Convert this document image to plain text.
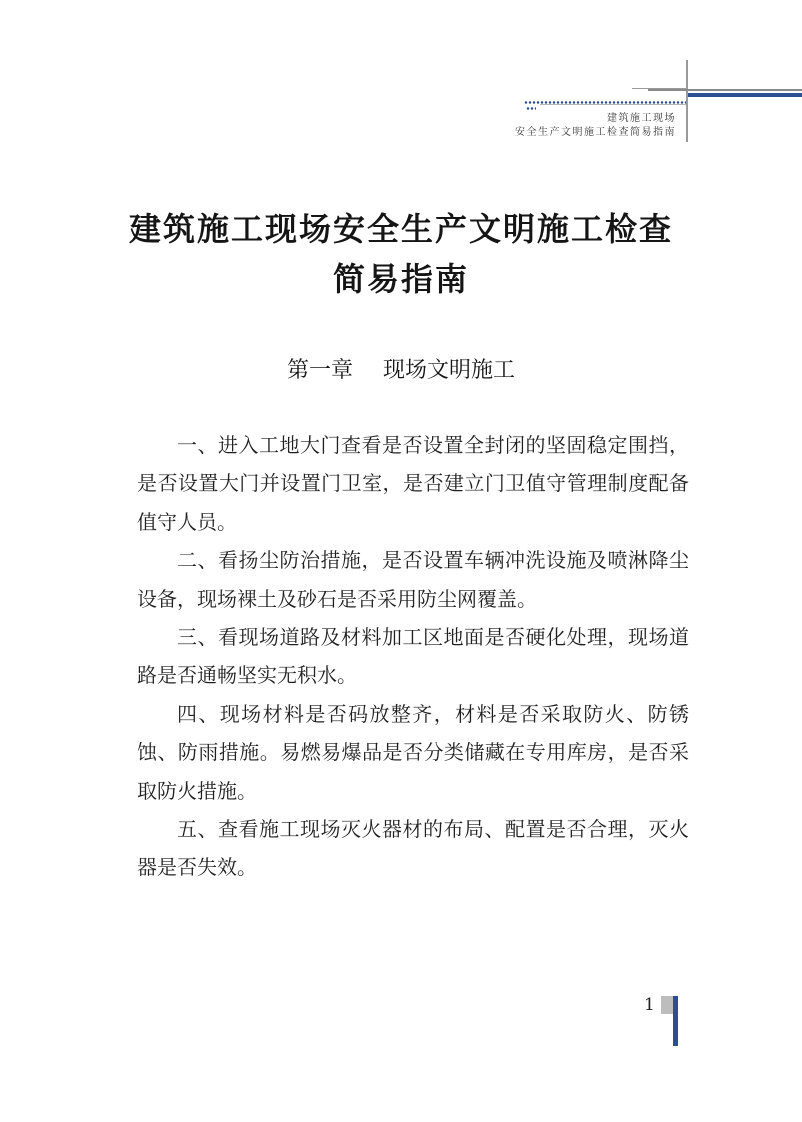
建筑施工现场
安全生产文明施工检查简易指南
建筑施工现场安全生产文明施工检查
简易指南
第一章 现场文明施工

一、进入工地大门查看是否设置全封闭的坚固稳定围挡，是否设置大门并设置门卫室，是否建立门卫值守管理制度配备值守人员。

二、看扬尘防治措施，是否设置车辆冲洗设施及喷淋降尘设备，现场裸土及砂石是否采用防尘网覆盖。

三、看现场道路及材料加工区地面是否硬化处理，现场道路是否通畅坚实无积水。

四、现场材料是否码放整齐，材料是否采取防火、防锈蚀、防雨措施。易燃易爆品是否分类储藏在专用库房，是否采取防火措施。

五、查看施工现场灭火器材的布局、配置是否合理，灭火器是否失效。

1
